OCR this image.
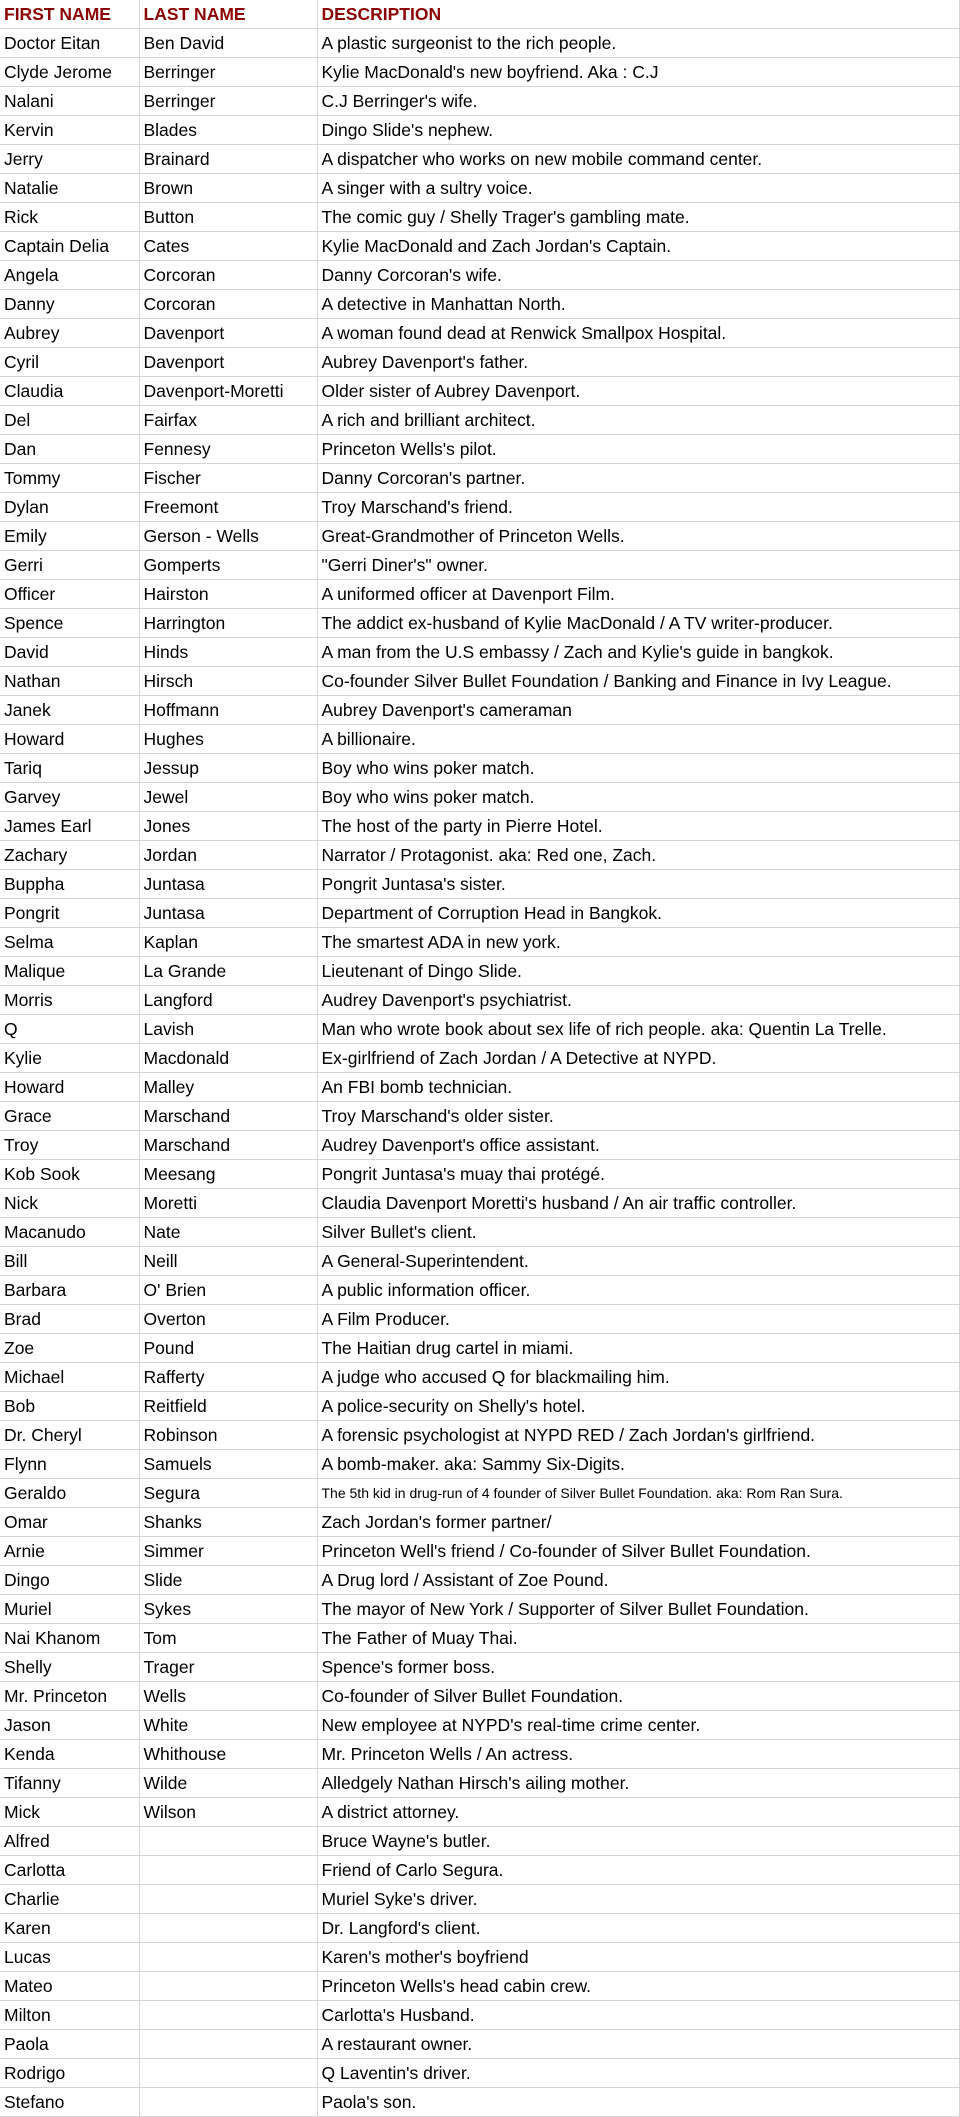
FIRST NAME	LAST NAME	DESCRIPTION
Doctor Eitan	Ben David	A plastic surgeonist to the rich people.
Clyde Jerome	Berringer	Kylie MacDonald's new boyfriend. Aka : C.J
Nalani	Berringer	C.J Berringer's wife.
Kervin	Blades	Dingo Slide's nephew.
Jerry	Brainard	A dispatcher who works on new mobile command center.
Natalie	Brown	A singer with a sultry voice.
Rick	Button	The comic guy / Shelly Trager's gambling mate.
Captain Delia	Cates	Kylie MacDonald and Zach Jordan's Captain.
Angela	Corcoran	Danny Corcoran's wife.
Danny	Corcoran	A detective in Manhattan North.
Aubrey	Davenport	A woman found dead at Renwick Smallpox Hospital.
Cyril	Davenport	Aubrey Davenport's father.
Claudia	Davenport-Moretti	Older sister of Aubrey Davenport.
Del	Fairfax	A rich and brilliant architect.
Dan	Fennesy	Princeton Wells's pilot.
Tommy	Fischer	Danny Corcoran's partner.
Dylan	Freemont	Troy Marschand's friend.
Emily	Gerson - Wells	Great-Grandmother of Princeton Wells.
Gerri	Gomperts	"Gerri Diner's" owner.
Officer	Hairston	A uniformed officer at Davenport Film.
Spence	Harrington	The addict ex-husband of Kylie MacDonald / A TV writer-producer.
David	Hinds	A man from the U.S embassy / Zach and Kylie's guide in bangkok.
Nathan	Hirsch	Co-founder Silver Bullet Foundation / Banking and Finance in Ivy League.
Janek	Hoffmann	Aubrey Davenport's cameraman
Howard	Hughes	A billionaire.
Tariq	Jessup	Boy who wins poker match.
Garvey	Jewel	Boy who wins poker match.
James Earl	Jones	The host of the party in Pierre Hotel.
Zachary	Jordan	Narrator / Protagonist. aka: Red one, Zach.
Buppha	Juntasa	Pongrit Juntasa's sister.
Pongrit	Juntasa	Department of Corruption Head in Bangkok.
Selma	Kaplan	The smartest ADA in new york.
Malique	La Grande	Lieutenant of Dingo Slide.
Morris	Langford	Audrey Davenport's psychiatrist.
Q	Lavish	Man who wrote book about sex life of rich people. aka: Quentin La Trelle.
Kylie	Macdonald	Ex-girlfriend of Zach Jordan / A Detective at NYPD.
Howard	Malley	An FBI bomb technician.
Grace	Marschand	Troy Marschand's older sister.
Troy	Marschand	Audrey Davenport's office assistant.
Kob Sook	Meesang	Pongrit Juntasa's muay thai protégé.
Nick	Moretti	Claudia Davenport Moretti's husband / An air traffic controller.
Macanudo	Nate	Silver Bullet's client.
Bill	Neill	A General-Superintendent.
Barbara	O' Brien	A public information officer.
Brad	Overton	A Film Producer.
Zoe	Pound	The Haitian drug cartel in miami.
Michael	Rafferty	A judge who accused Q for blackmailing him.
Bob	Reitfield	A police-security on Shelly's hotel.
Dr. Cheryl	Robinson	A forensic psychologist at NYPD RED / Zach Jordan's girlfriend.
Flynn	Samuels	A bomb-maker. aka: Sammy Six-Digits.
Geraldo	Segura	The 5th kid in drug-run of 4 founder of Silver Bullet Foundation. aka: Rom Ran Sura.
Omar	Shanks	Zach Jordan's former partner/
Arnie	Simmer	Princeton Well's friend / Co-founder of Silver Bullet Foundation.
Dingo	Slide	A Drug lord / Assistant of Zoe Pound.
Muriel	Sykes	The mayor of New York / Supporter of Silver Bullet Foundation.
Nai Khanom	Tom	The Father of Muay Thai.
Shelly	Trager	Spence's former boss.
Mr. Princeton	Wells	Co-founder of Silver Bullet Foundation.
Jason	White	New employee at NYPD's real-time crime center.
Kenda	Whithouse	Mr. Princeton Wells / An actress.
Tifanny	Wilde	Alledgely Nathan Hirsch's ailing mother.
Mick	Wilson	A district attorney.
Alfred		Bruce Wayne's butler.
Carlotta		Friend of Carlo Segura.
Charlie		Muriel Syke's driver.
Karen		Dr. Langford's client.
Lucas		Karen's mother's boyfriend
Mateo		Princeton Wells's head cabin crew.
Milton		Carlotta's Husband.
Paola		A restaurant owner.
Rodrigo		Q Laventin's driver.
Stefano		Paola's son.
